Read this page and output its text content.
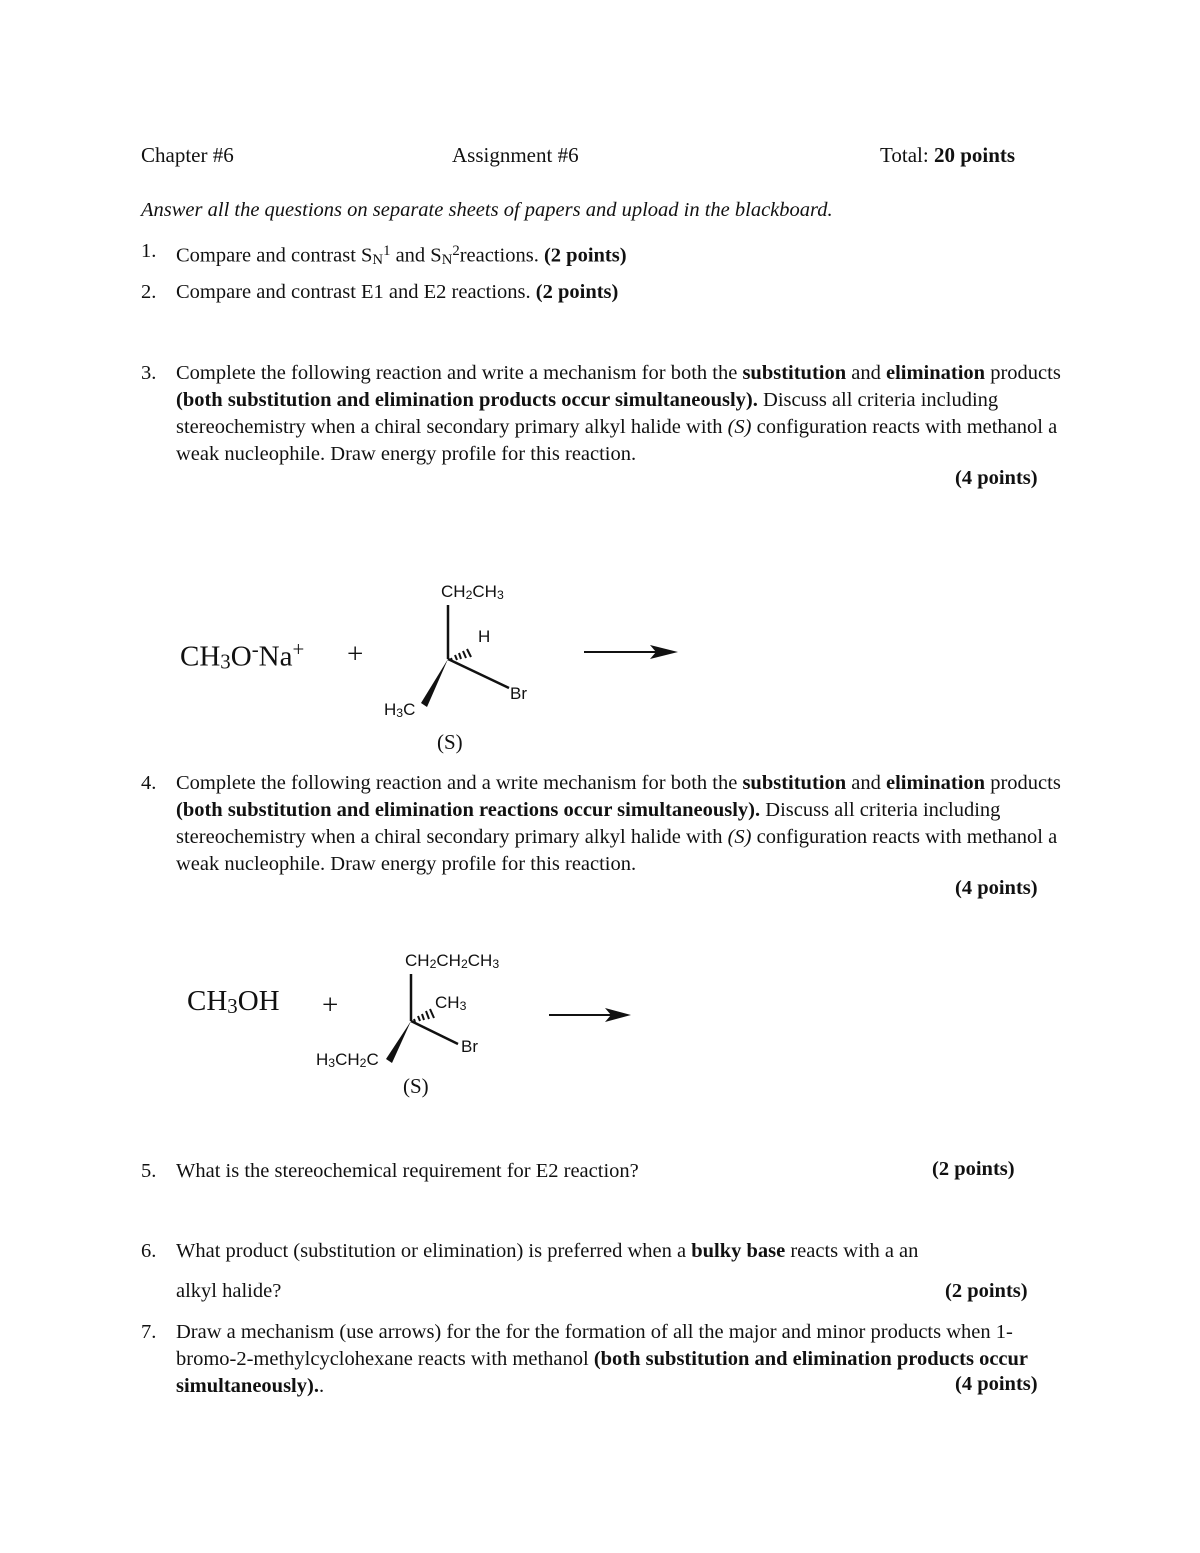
Chapter #6	Assignment #6	Total: 20 points
Answer all the questions on separate sheets of papers and upload in the blackboard.
1. Compare and contrast $SN^1$ and $SN^2reactions$. (2 points)
2. Compare and contrast E1 and E2 reactions. (2 points)
3. Complete the following reaction and write a mechanism for both the substitution and elimination products (both substitution and elimination products occur simultaneously). Discuss all criteria including stereochemistry when a chiral secondary primary alkyl halide with (S) configuration reacts with methanol a weak nucleophile. Draw energy profile for this reaction.
(4 points)
CH3O-Na+ +
CH2CH3
H
Br
H3C
(S)
4. Complete the following reaction and a write mechanism for both the substitution and elimination products (both substitution and elimination reactions occur simultaneously). Discuss all criteria including stereochemistry when a chiral secondary primary alkyl halide with (S) configuration reacts with methanol a weak nucleophile. Draw energy profile for this reaction.
(4 points)
CH3OH +
CH2CH2CH3
CH3
Br
H3CH2C
(S)
5. What is the stereochemical requirement for E2 reaction?	(2 points)
6. What product (substitution or elimination) is preferred when a bulky base reacts with a an
alkyl halide?	(2 points)
7. Draw a mechanism (use arrows) for the for the formation of all the major and minor products when 1-bromo-2-methylcyclohexane reacts with methanol (both substitution and elimination products occur simultaneously)..	(4 points)
